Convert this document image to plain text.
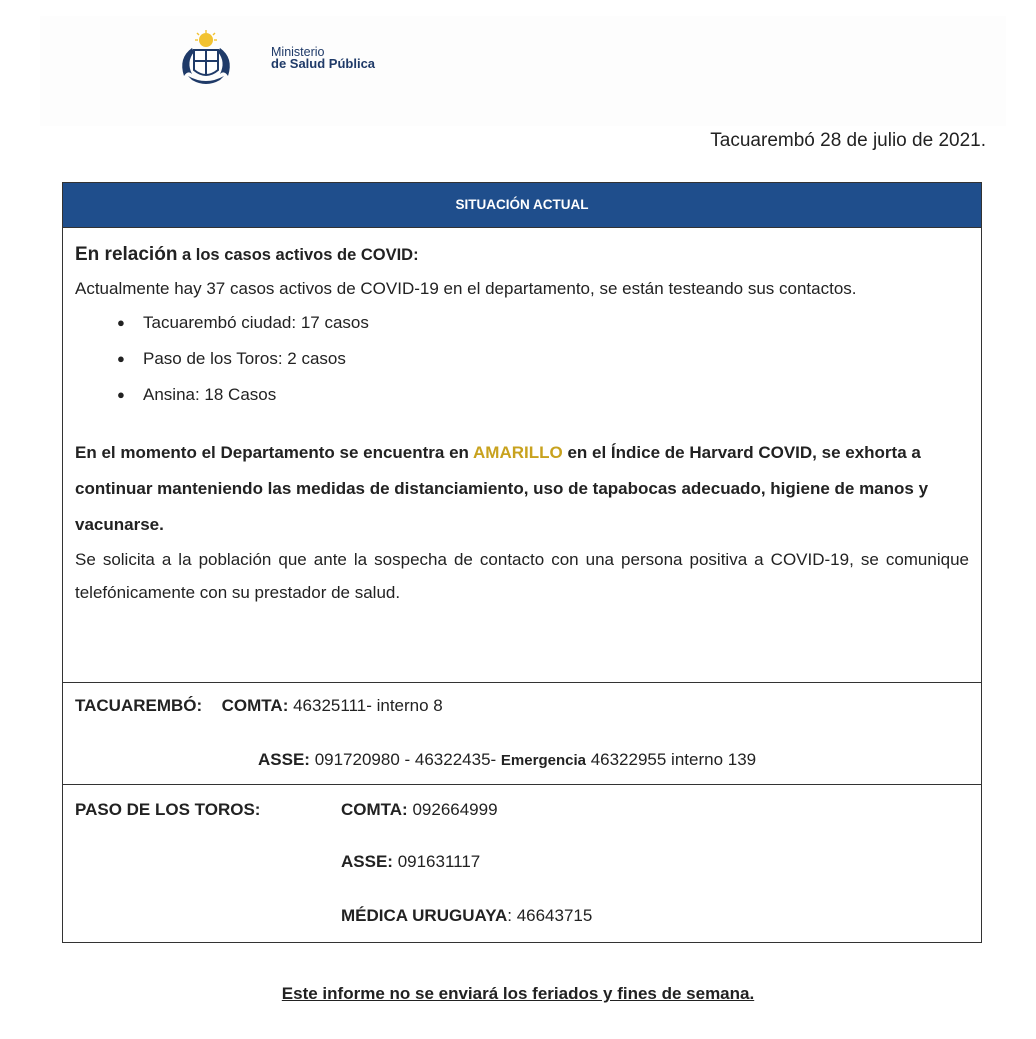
Ministerio
de Salud Pública
Tacuarembó 28 de julio de 2021.
SITUACIÓN ACTUAL

En relación a los casos activos de COVID:

Actualmente hay 37 casos activos de COVID-19 en el departamento, se están testeando sus contactos.

● Tacuarembó ciudad: 17 casos
● Paso de los Toros: 2 casos
● Ansina: 18 Casos

En el momento el Departamento se encuentra en AMARILLO en el Índice de Harvard COVID, se exhorta a continuar manteniendo las medidas de distanciamiento, uso de tapabocas adecuado, higiene de manos y vacunarse.

Se solicita a la población que ante la sospecha de contacto con una persona positiva a COVID-19, se comunique telefónicamente con su prestador de salud.

TACUAREMBÓ: COMTA: 46325111- interno 8
ASSE: 091720980 - 46322435- Emergencia 46322955 interno 139
PASO DE LOS TOROS:	COMTA: 092664999
ASSE: 091631117
MÉDICA URUGUAYA: 46643715
Este informe no se enviará los feriados y fines de semana.
